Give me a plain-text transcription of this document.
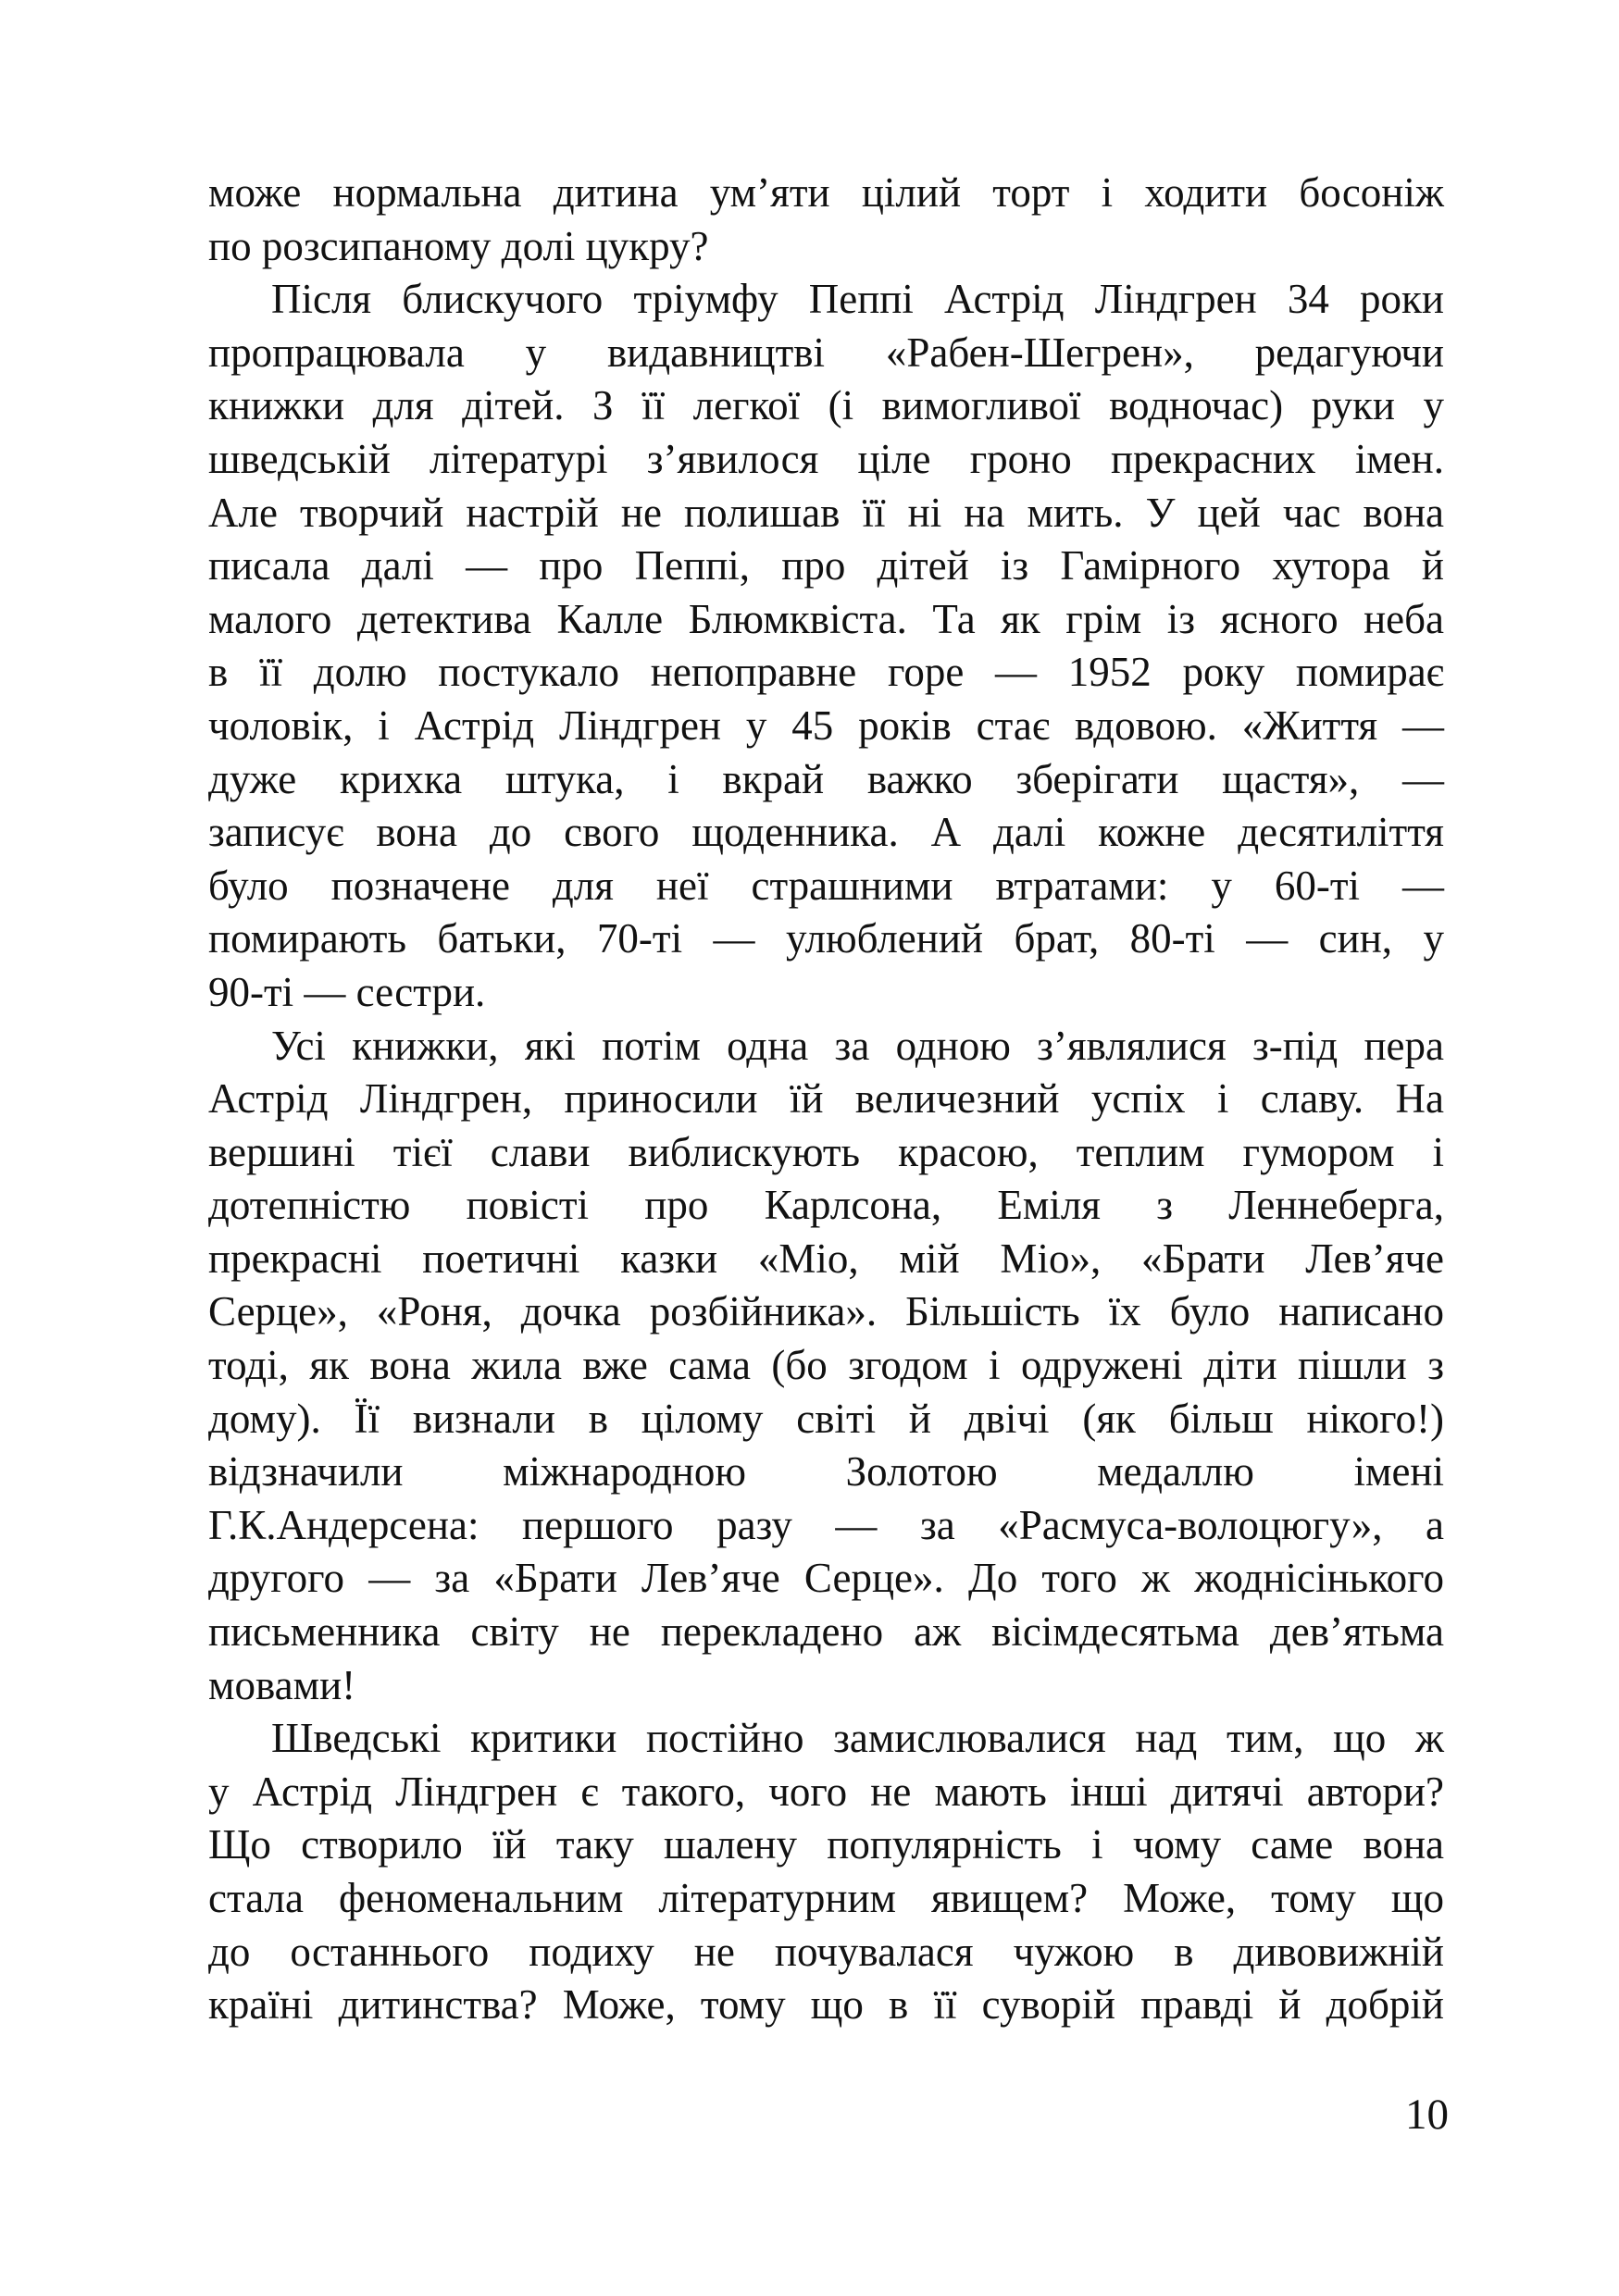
може нормальна дитина ум’яти цілий торт і ходити босоніж
по розсипаному долі цукру?
Після блискучого тріумфу Пеппі Астрід Ліндгрен 34 роки
пропрацювала у видавництві «Рабен-Шегрен», редагуючи
книжки для дітей. З її легкої (і вимогливої водночас) руки у
шведській літературі з’явилося ціле гроно прекрасних імен.
Але творчий настрій не полишав її ні на мить. У цей час вона
писала далі — про Пеппі, про дітей із Гамірного хутора й
малого детектива Калле Блюмквіста. Та як грім із ясного неба
в її долю постукало непоправне горе — 1952 року помирає
чоловік, і Астрід Ліндгрен у 45 років стає вдовою. «Життя —
дуже крихка штука, і вкрай важко зберігати щастя», —
записує вона до свого щоденника. А далі кожне десятиліття
було позначене для неї страшними втратами: у 60-ті —
помирають батьки, 70-ті — улюблений брат, 80-ті — син, у
90-ті — сестри.
Усі книжки, які потім одна за одною з’являлися з-під пера
Астрід Ліндгрен, приносили їй величезний успіх і славу. На
вершині тієї слави виблискують красою, теплим гумором і
дотепністю повісті про Карлсона, Еміля з Леннеберга,
прекрасні поетичні казки «Міо, мій Міо», «Брати Лев’яче
Серце», «Роня, дочка розбійника». Більшість їх було написано
тоді, як вона жила вже сама (бо згодом і одружені діти пішли з
дому). Її визнали в цілому світі й двічі (як більш нікого!)
відзначили міжнародною Золотою медаллю імені
Г.К.Андерсена: першого разу — за «Расмуса-волоцюгу», а
другого — за «Брати Лев’яче Серце». До того ж жоднісінького
письменника світу не перекладено аж вісімдесятьма дев’ятьма
мовами!
Шведські критики постійно замислювалися над тим, що ж
у Астрід Ліндгрен є такого, чого не мають інші дитячі автори?
Що створило їй таку шалену популярність і чому саме вона
стала феноменальним літературним явищем? Може, тому що
до останнього подиху не почувалася чужою в дивовижній
країні дитинства? Може, тому що в її суворій правді й добрій
10
